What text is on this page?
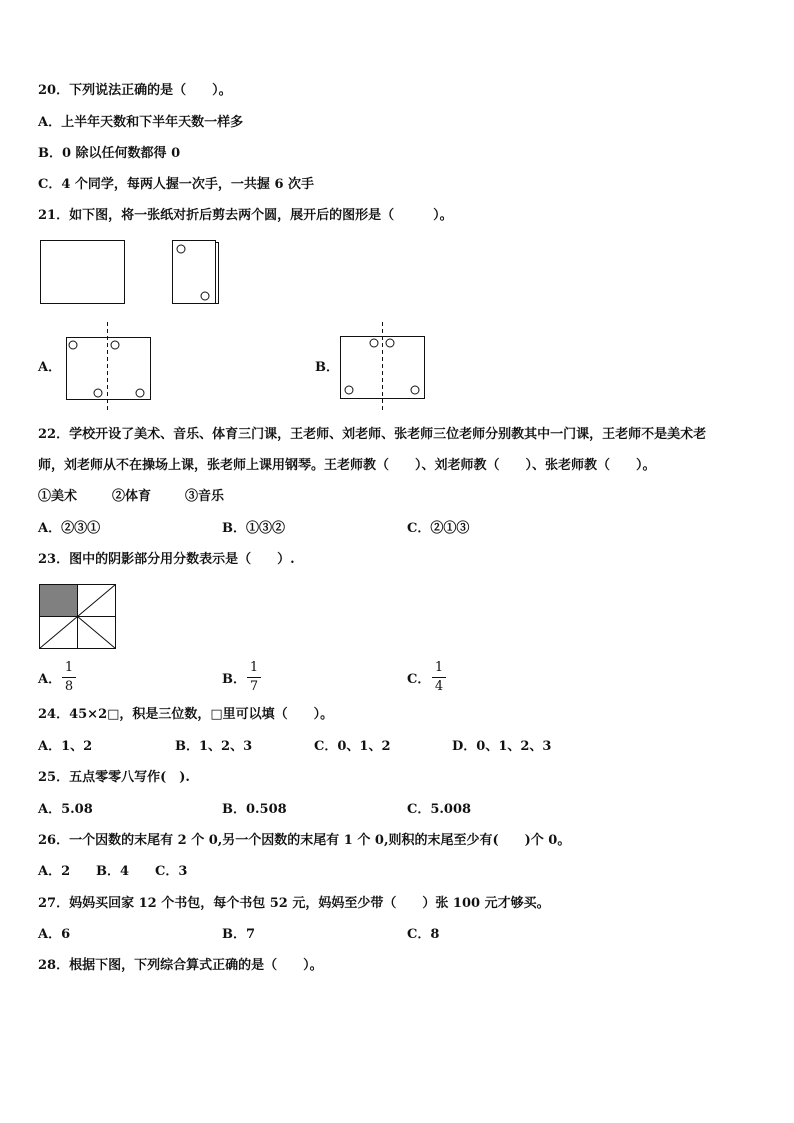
20．下列说法正确的是（　　）。
A．上半年天数和下半年天数一样多
B．0 除以任何数都得 0
C．4 个同学，每两人握一次手，一共握 6 次手
21．如下图，将一张纸对折后剪去两个圆，展开后的图形是（　　　）。
A．	B．
22．学校开设了美术、音乐、体育三门课，王老师、刘老师、张老师三位老师分别教其中一门课，王老师不是美术老
师，刘老师从不在操场上课，张老师上课用钢琴。王老师教（　　）、刘老师教（　　）、张老师教（　　）。
①美术	②体育	③音乐
A．②③①	B．①③②	C．②①③
23．图中的阴影部分用分数表示是（　　）.
A．
1
8	B．
1
7	C．
1
4
24．45×2□，积是三位数，□里可以填（　　）。
A．1、2	B．1、2、3	C．0、1、2	D．0、1、2、3
25．五点零零八写作(　).
A．5.08	B．0.508	C．5.008
26．一个因数的末尾有 2 个 0,另一个因数的末尾有 1 个 0,则积的末尾至少有(　　)个 0。
A．2 B．4 C．3
27．妈妈买回家 12 个书包，每个书包 52 元，妈妈至少带（　　）张 100 元才够买。
A．6	B．7	C．8
28．根据下图，下列综合算式正确的是（　　）。
